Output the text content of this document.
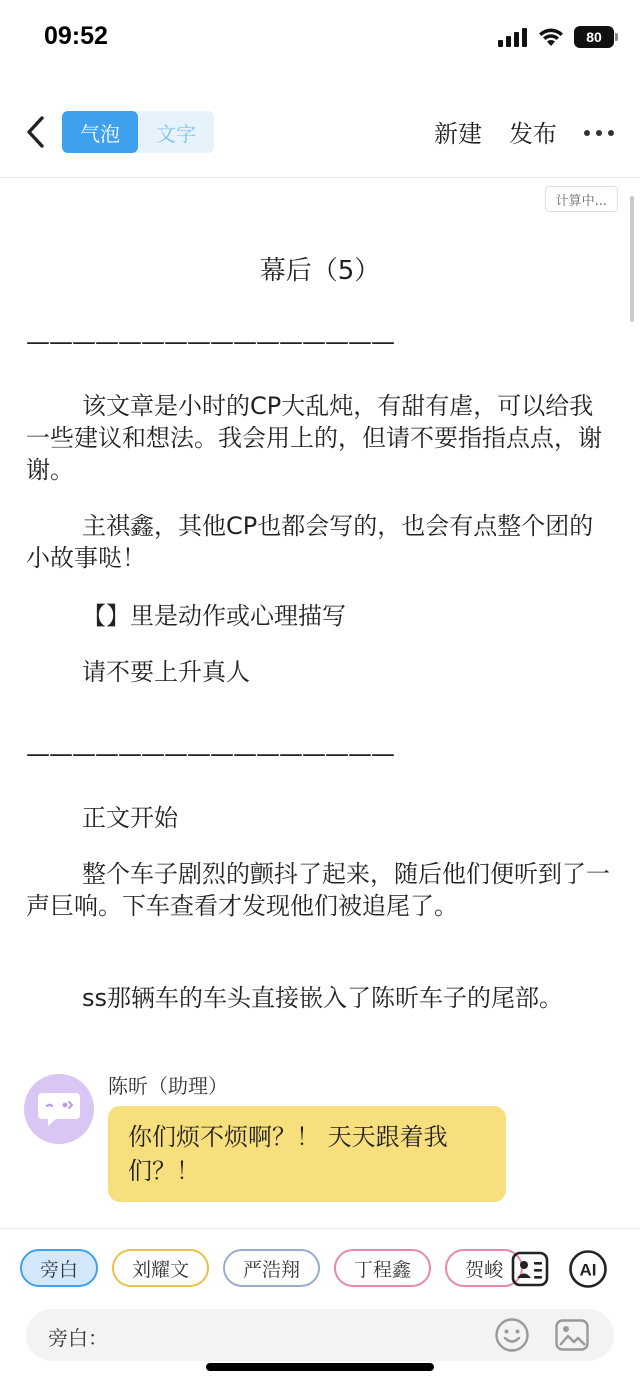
09:52	80
气泡	文字	新建 发布
计算中...
幕后（5）
————————————————

该文章是小时的CP大乱炖，有甜有虐，可以给我一些建议和想法。我会用上的，但请不要指指点点，谢谢。

主祺鑫，其他CP也都会写的，也会有点整个团的小故事哒！

【】里是动作或心理描写

请不要上升真人

————————————————

正文开始

整个车子剧烈的颤抖了起来，随后他们便听到了一声巨响。下车查看才发现他们被追尾了。

ss那辆车的车头直接嵌入了陈昕车子的尾部。

陈昕（助理）
你们烦不烦啊？！ 天天跟着我们？！
旁白	刘耀文	严浩翔	丁程鑫	贺峻	AI
旁白：
